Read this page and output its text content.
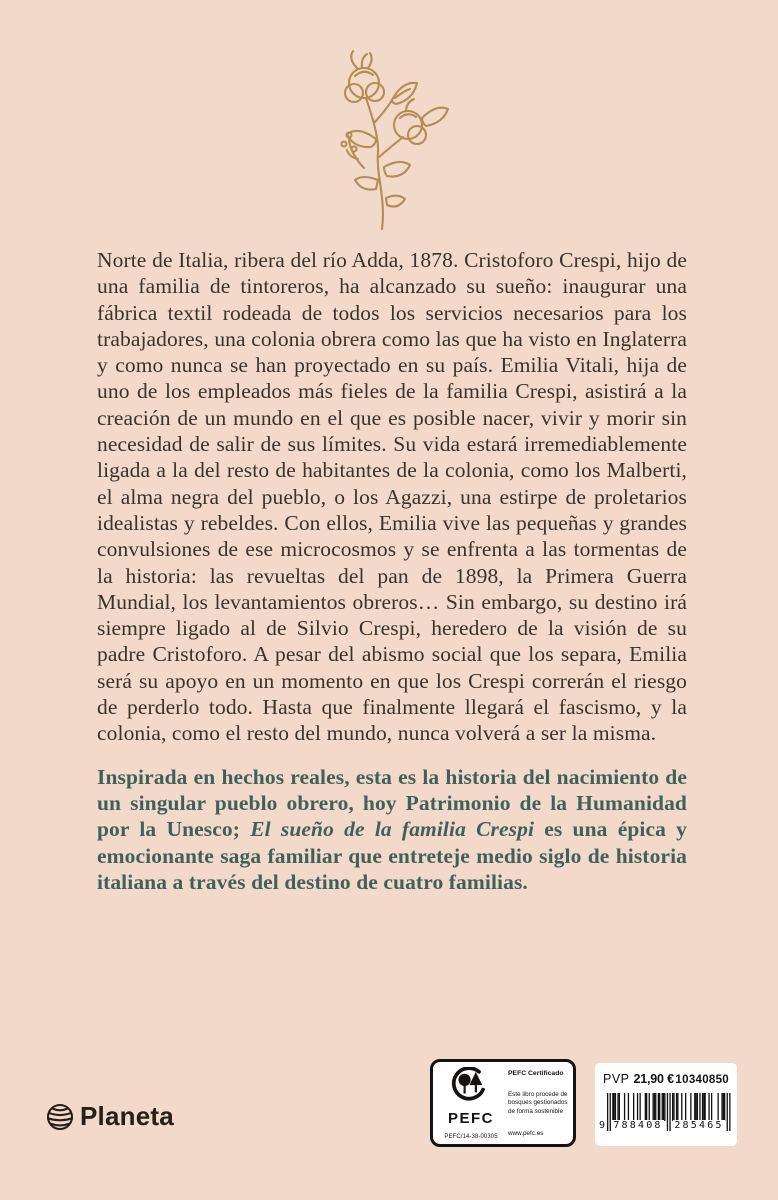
Norte de Italia, ribera del río Adda, 1878. Cristoforo Crespi, hijo de una familia de tintoreros, ha alcanzado su sueño: inaugurar una fábrica textil rodeada de todos los servicios necesarios para los trabajadores, una colonia obrera como las que ha visto en Inglaterra y como nunca se han proyectado en su país. Emilia Vitali, hija de uno de los empleados más fieles de la familia Crespi, asistirá a la creación de un mundo en el que es posible nacer, vivir y morir sin necesidad de salir de sus límites. Su vida estará irremediablemente ligada a la del resto de habitantes de la colonia, como los Malberti, el alma negra del pueblo, o los Agazzi, una estirpe de proletarios idealistas y rebeldes. Con ellos, Emilia vive las pequeñas y grandes convulsiones de ese microcosmos y se enfrenta a las tormentas de la historia: las revueltas del pan de 1898, la Primera Guerra Mundial, los levantamientos obreros… Sin embargo, su destino irá siempre ligado al de Silvio Crespi, heredero de la visión de su padre Cristoforo. A pesar del abismo social que los separa, Emilia será su apoyo en un momento en que los Crespi correrán el riesgo de perderlo todo. Hasta que finalmente llegará el fascismo, y la colonia, como el resto del mundo, nunca volverá a ser la misma.

Inspirada en hechos reales, esta es la historia del nacimiento de un singular pueblo obrero, hoy Patrimonio de la Humanidad por la Unesco; El sueño de la familia Crespi es una épica y emocionante saga familiar que entreteje medio siglo de historia italiana a través del destino de cuatro familias.

Planeta	PEFC
PEFC/14-38-00305
PEFC Certificado
Este libro procede de bosques gestionados de forma sostenible
www.pefc.es
PVP 21,90 € 10340850
9 788408 285465
